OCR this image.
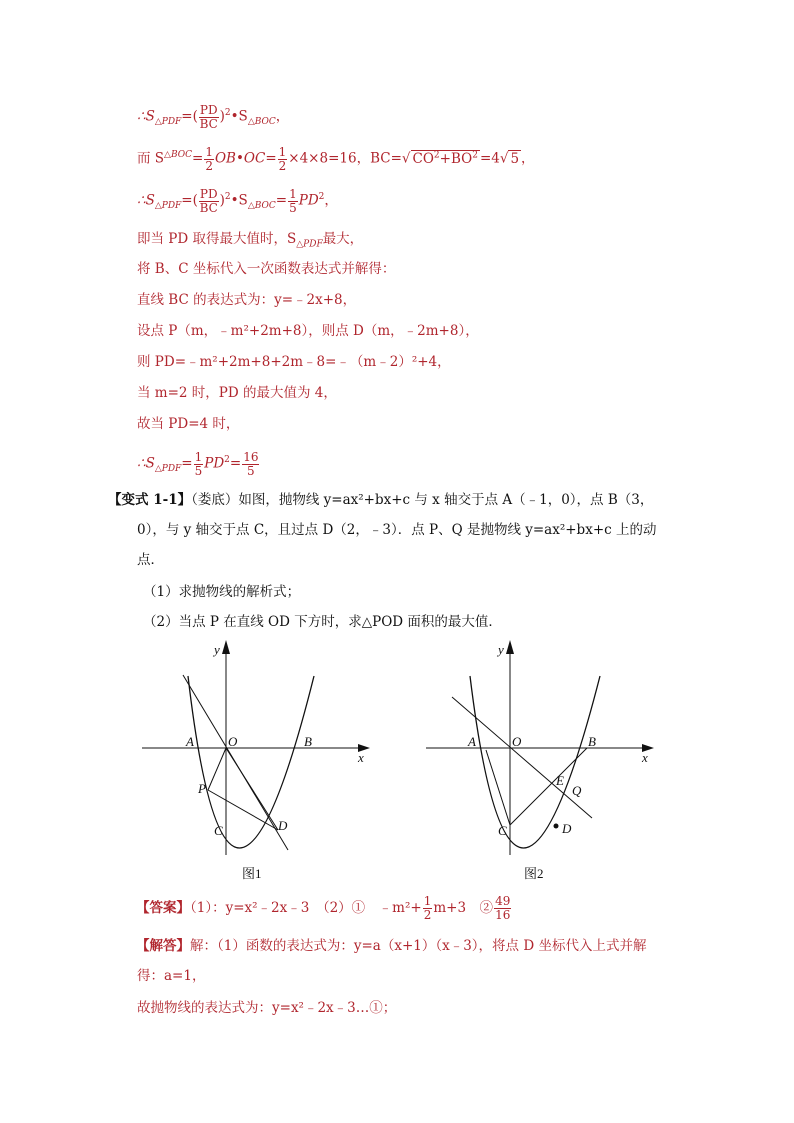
$\therefore S_{\triangle PDF}=( \frac{PD}{BC}$ )$^2•S_{\triangle BOC}$，
而 $S^{\triangle BOC}= \frac{1}{2}$ OB•OC= $\frac{1}{2} \times 4\times 8=16$，BC=√ $CO^2+BO^2 =4√$ 5 ，
$\therefore S_{\triangle PDF}=( \frac{PD}{BC}$ )$^2•S_{\triangle BOC}= \frac{1}{5} PD^2$，
即当 PD 取得最大值时，$S_{\triangle PDF}$最大，
将 B、C 坐标代入一次函数表达式并解得：
直线 BC 的表达式为：y=﹣2x+8，
设点 P（m，﹣m²+2m+8），则点 D（m，﹣2m+8），
则 PD=﹣m²+2m+8+2m﹣8=﹣（m﹣2）²+4，
当 m=2 时，PD 的最大值为 4，
故当 PD=4 时，
$\therefore S_{\triangle PDF}= \frac{1}{5} PD^2= \frac{16}{5}$
【变式 1-1】（娄底）如图，抛物线 y=ax²+bx+c 与 x 轴交于点 A（﹣1，0），点 B（3，
0），与 y 轴交于点 C，且过点 D（2，﹣3）．点 P、Q 是抛物线 y=ax²+bx+c 上的动
点．
（1）求抛物线的解析式；
（2）当点 P 在直线 OD 下方时，求△POD 面积的最大值．
y
x
A	O	B
P
C	D
图1
y
x
A	O	B
E
Q
C	D
图2
【答案】（1）：y=x²﹣2x﹣3　（2）①　﹣m²+ $\frac{1}{2} m+3$　② $\frac{49}{16}$
【解答】解：（1）函数的表达式为：y=a（x+1）（x﹣3），将点 D 坐标代入上式并解
得：a=1，
故抛物线的表达式为：y=x²﹣2x﹣3…①；
